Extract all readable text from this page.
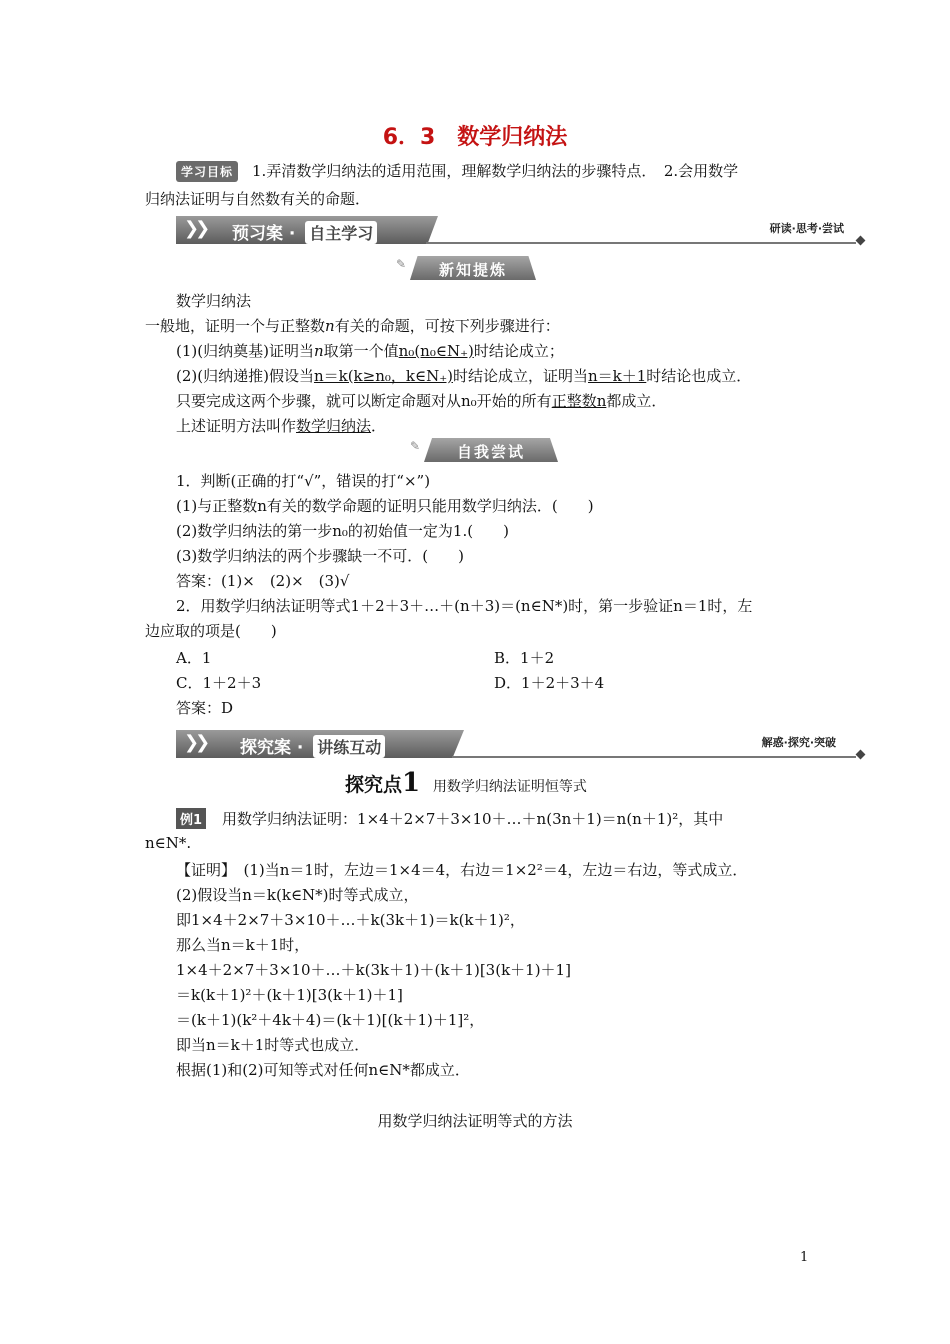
6．3　数学归纳法
学习目标 1.弄清数学归纳法的适用范围，理解数学归纳法的步骤特点．　2.会用数学
归纳法证明与自然数有关的命题．
❯❯ 预习案 · 自主学习	研读·思考·尝试
✎	新知提炼
数学归纳法
一般地，证明一个与正整数n有关的命题，可按下列步骤进行：
(1)(归纳奠基)证明当n取第一个值n₀(n₀∈N₊)时结论成立；
(2)(归纳递推)假设当n＝k(k≥n₀，k∈N₊)时结论成立，证明当n＝k＋1时结论也成立．
只要完成这两个步骤，就可以断定命题对从n₀开始的所有正整数n都成立．
上述证明方法叫作数学归纳法．
✎	自我尝试
1．判断(正确的打“√”，错误的打“×”)
(1)与正整数n有关的数学命题的证明只能用数学归纳法．(　　)
(2)数学归纳法的第一步n₀的初始值一定为1.(　　)
(3)数学归纳法的两个步骤缺一不可．(　　)
答案：(1)×　(2)×　(3)√
2．用数学归纳法证明等式1＋2＋3＋…＋(n＋3)＝(n∈N*)时，第一步验证n＝1时，左
边应取的项是(　　)
A．1	B．1＋2
C．1＋2＋3	D．1＋2＋3＋4
答案：D
❯❯ 探究案 · 讲练互动	解惑·探究·突破
探究点1 用数学归纳法证明恒等式
例1 用数学归纳法证明：1×4＋2×7＋3×10＋…＋n(3n＋1)＝n(n＋1)²，其中
n∈N*.
【证明】　(1)当n＝1时，左边＝1×4＝4，右边＝1×2²＝4，左边＝右边，等式成立．
(2)假设当n＝k(k∈N*)时等式成立，
即1×4＋2×7＋3×10＋…＋k(3k＋1)＝k(k＋1)²，
那么当n＝k＋1时，
1×4＋2×7＋3×10＋…＋k(3k＋1)＋(k＋1)[3(k＋1)＋1]
＝k(k＋1)²＋(k＋1)[3(k＋1)＋1]
＝(k＋1)(k²＋4k＋4)＝(k＋1)[(k＋1)＋1]²，
即当n＝k＋1时等式也成立．
根据(1)和(2)可知等式对任何n∈N*都成立．
用数学归纳法证明等式的方法
1
